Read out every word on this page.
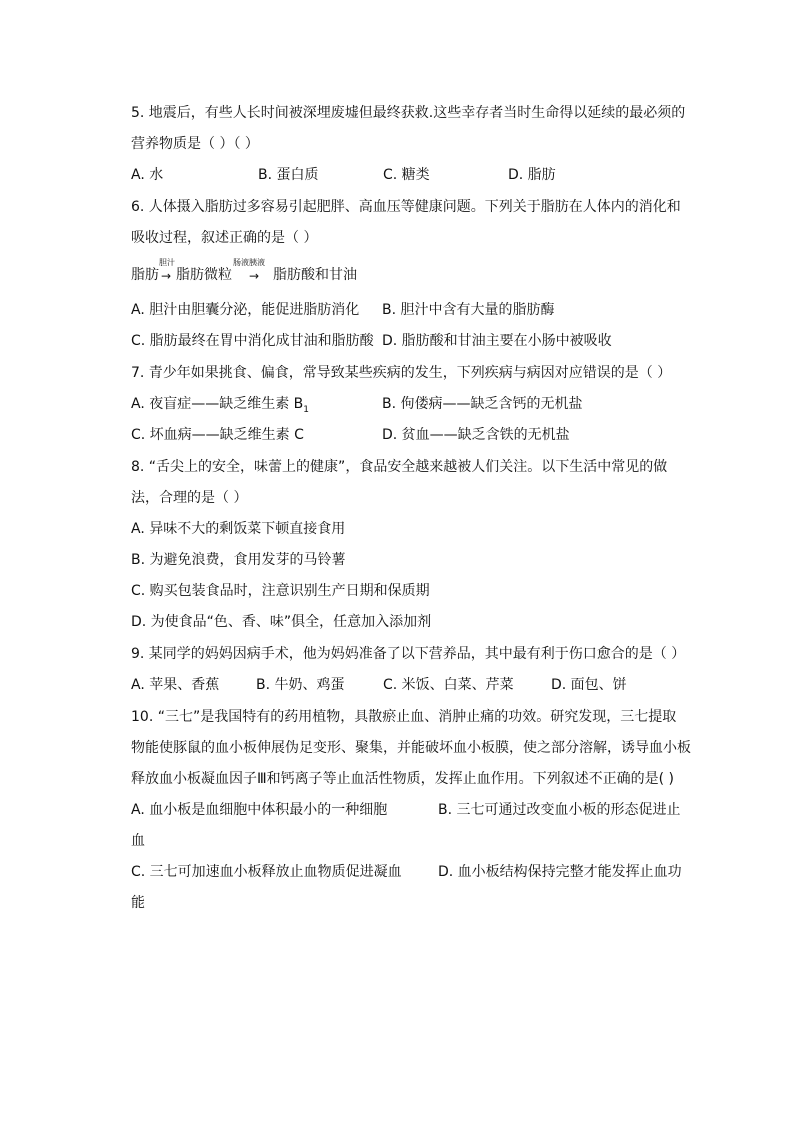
5. 地震后，有些人长时间被深埋废墟但最终获救.这些幸存者当时生命得以延续的最必须的
营养物质是（ ）（ ）
A. 水	B. 蛋白质	C. 糖类	D. 脂肪
6. 人体摄入脂肪过多容易引起肥胖、高血压等健康问题。下列关于脂肪在人体内的消化和
吸收过程，叙述正确的是（ ）
脂肪
胆汁
→ 脂肪微粒
肠液胰液
→ 脂肪酸和甘油
A. 胆汁由胆囊分泌，能促进脂肪消化 B. 胆汁中含有大量的脂肪酶
C. 脂肪最终在胃中消化成甘油和脂肪酸 D. 脂肪酸和甘油主要在小肠中被吸收
7. 青少年如果挑食、偏食，常导致某些疾病的发生，下列疾病与病因对应错误的是（ ）
A. 夜盲症——缺乏维生素 $B_1$	B. 佝偻病——缺乏含钙的无机盐
C. 坏血病——缺乏维生素 C	D. 贫血——缺乏含铁的无机盐
8. “舌尖上的安全，味蕾上的健康”，食品安全越来越被人们关注。以下生活中常见的做
法，合理的是（ ）
A. 异味不大的剩饭菜下顿直接食用
B. 为避免浪费，食用发芽的马铃薯
C. 购买包装食品时，注意识别生产日期和保质期
D. 为使食品“色、香、味”俱全，任意加入添加剂
9. 某同学的妈妈因病手术，他为妈妈准备了以下营养品，其中最有利于伤口愈合的是（ ）
A. 苹果、香蕉	B. 牛奶、鸡蛋	C. 米饭、白菜、芹菜	D. 面包、饼
10. “三七”是我国特有的药用植物，具散瘀止血、消肿止痛的功效。研究发现，三七提取
物能使豚鼠的血小板伸展伪足变形、聚集，并能破坏血小板膜，使之部分溶解，诱导血小板
释放血小板凝血因子Ⅲ和钙离子等止血活性物质，发挥止血作用。下列叙述不正确的是( )
A. 血小板是血细胞中体积最小的一种细胞	B. 三七可通过改变血小板的形态促进止
血
C. 三七可加速血小板释放止血物质促进凝血	D. 血小板结构保持完整才能发挥止血功
能
